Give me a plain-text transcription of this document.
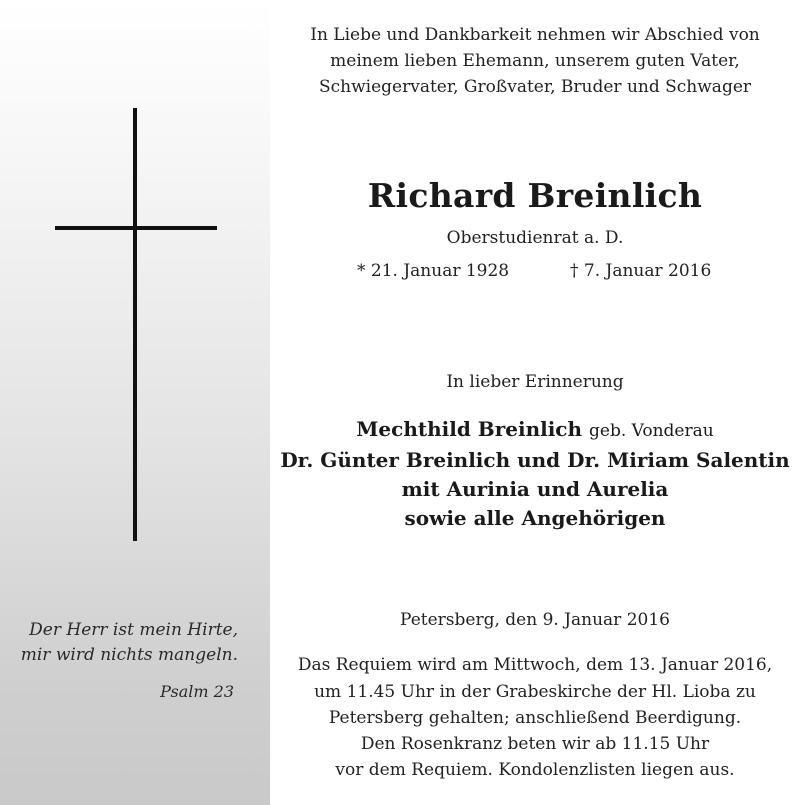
Der Herr ist mein Hirte,
mir wird nichts mangeln.
Psalm 23
In Liebe und Dankbarkeit nehmen wir Abschied von
meinem lieben Ehemann, unserem guten Vater,
Schwiegervater, Großvater, Bruder und Schwager
Richard Breinlich
Oberstudienrat a. D.
* 21. Januar 1928	† 7. Januar 2016
In lieber Erinnerung
Mechthild Breinlich geb. Vonderau
Dr. Günter Breinlich und Dr. Miriam Salentin
mit Aurinia und Aurelia
sowie alle Angehörigen
Petersberg, den 9. Januar 2016
Das Requiem wird am Mittwoch, dem 13. Januar 2016,
um 11.45 Uhr in der Grabeskirche der Hl. Lioba zu
Petersberg gehalten; anschließend Beerdigung.
Den Rosenkranz beten wir ab 11.15 Uhr
vor dem Requiem. Kondolenzlisten liegen aus.
